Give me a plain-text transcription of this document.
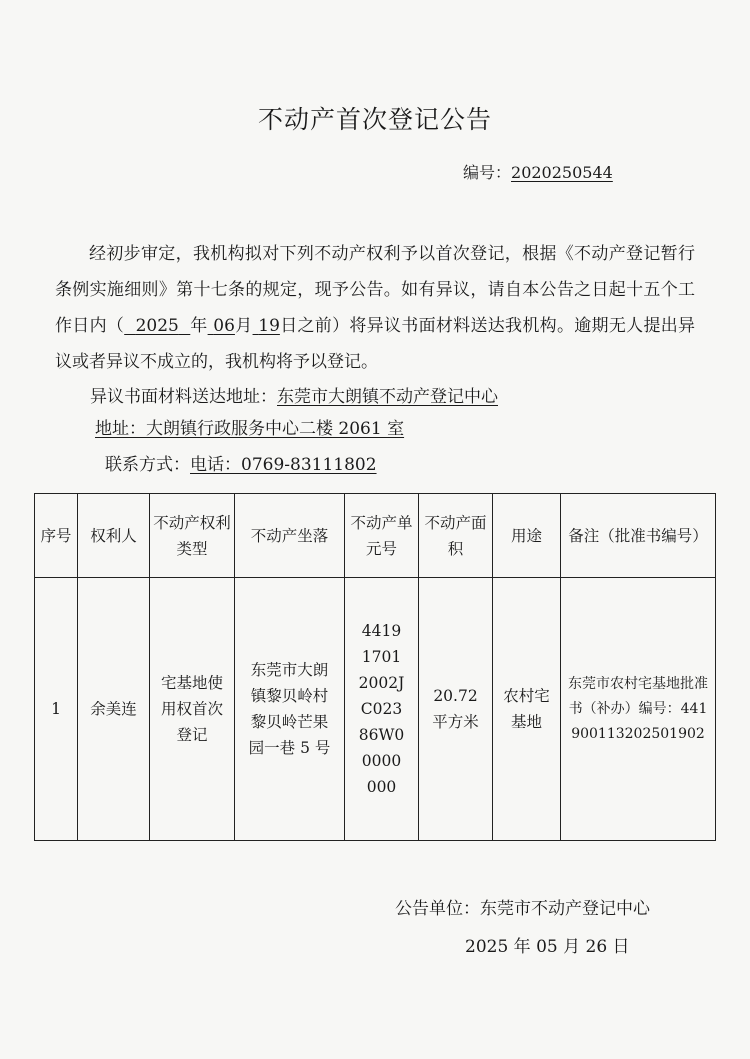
不动产首次登记公告
编号：2020250544
经初步审定，我机构拟对下列不动产权利予以首次登记，根据《不动产登记暂行条例实施细则》第十七条的规定，现予公告。如有异议，请自本公告之日起十五个工作日内（ 2025 年 06月 19日之前）将异议书面材料送达我机构。逾期无人提出异议或者异议不成立的，我机构将予以登记。
异议书面材料送达地址：东莞市大朗镇不动产登记中心
地址：大朗镇行政服务中心二楼 2061 室
联系方式：电话：0769-83111802
序号	权利人	不动产权利类型	不动产坐落	不动产单元号	不动产面积	用途	备注（批准书编号）
1	余美连	宅基地使用权首次登记	东莞市大朗镇黎贝岭村黎贝岭芒果园一巷 5 号	441917012002JC02386W00000000	20.72平方米	农村宅基地	东莞市农村宅基地批准书（补办）编号：441900113202501902
公告单位：东莞市不动产登记中心
2025 年 05 月 26 日
